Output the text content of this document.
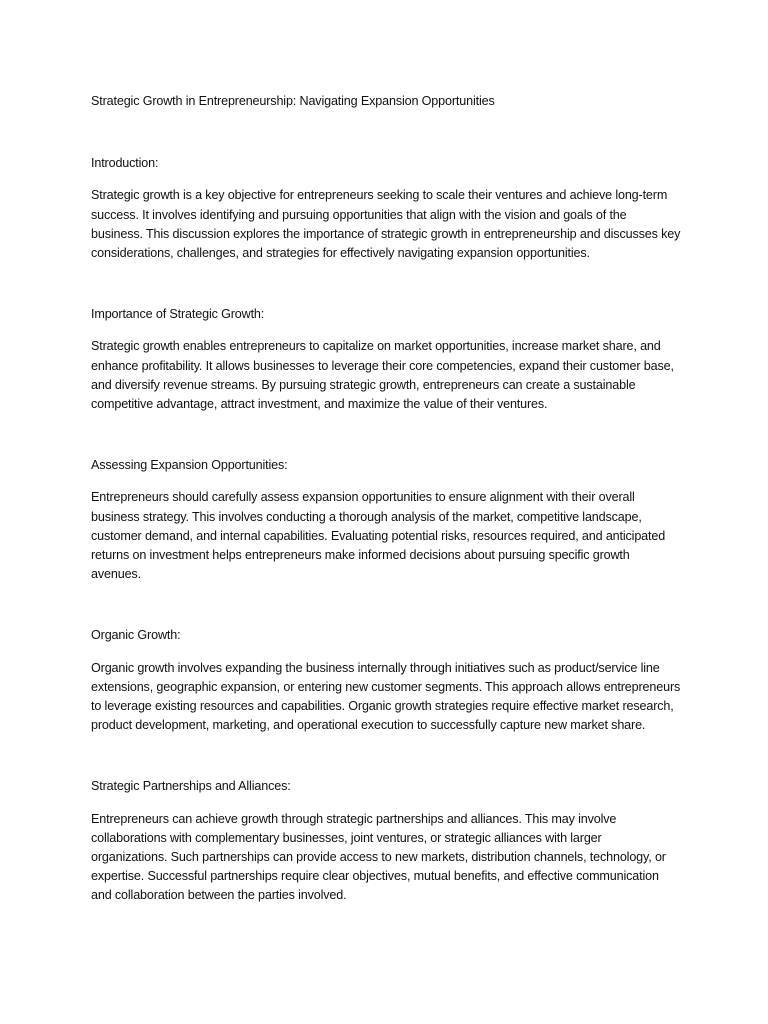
Strategic Growth in Entrepreneurship: Navigating Expansion Opportunities
Introduction:

Strategic growth is a key objective for entrepreneurs seeking to scale their ventures and achieve long-term success. It involves identifying and pursuing opportunities that align with the vision and goals of the business. This discussion explores the importance of strategic growth in entrepreneurship and discusses key considerations, challenges, and strategies for effectively navigating expansion opportunities.

Importance of Strategic Growth:

Strategic growth enables entrepreneurs to capitalize on market opportunities, increase market share, and enhance profitability. It allows businesses to leverage their core competencies, expand their customer base, and diversify revenue streams. By pursuing strategic growth, entrepreneurs can create a sustainable competitive advantage, attract investment, and maximize the value of their ventures.

Assessing Expansion Opportunities:

Entrepreneurs should carefully assess expansion opportunities to ensure alignment with their overall business strategy. This involves conducting a thorough analysis of the market, competitive landscape, customer demand, and internal capabilities. Evaluating potential risks, resources required, and anticipated returns on investment helps entrepreneurs make informed decisions about pursuing specific growth avenues.

Organic Growth:

Organic growth involves expanding the business internally through initiatives such as product/service line extensions, geographic expansion, or entering new customer segments. This approach allows entrepreneurs to leverage existing resources and capabilities. Organic growth strategies require effective market research, product development, marketing, and operational execution to successfully capture new market share.

Strategic Partnerships and Alliances:

Entrepreneurs can achieve growth through strategic partnerships and alliances. This may involve collaborations with complementary businesses, joint ventures, or strategic alliances with larger organizations. Such partnerships can provide access to new markets, distribution channels, technology, or expertise. Successful partnerships require clear objectives, mutual benefits, and effective communication and collaboration between the parties involved.
